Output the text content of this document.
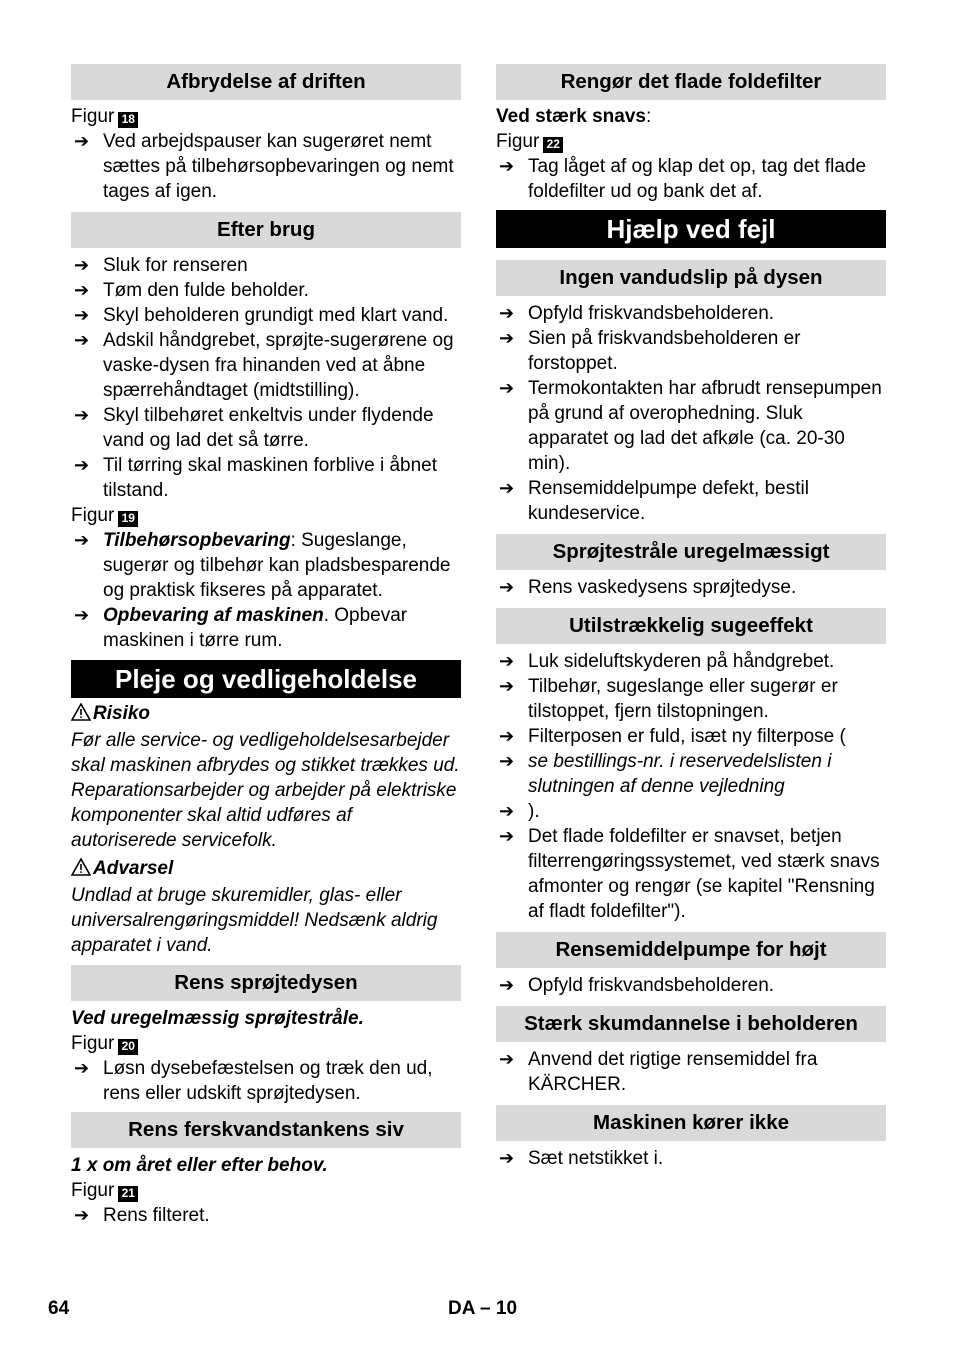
Afbrydelse af driften
Figur 18
➔ Ved arbejdspauser kan sugerøret nemt sættes på tilbehørsopbevaringen og nemt tages af igen.
Efter brug
➔ Sluk for renseren
➔ Tøm den fulde beholder.
➔ Skyl beholderen grundigt med klart vand.
➔ Adskil håndgrebet, sprøjte-sugerørene og vaske-dysen fra hinanden ved at åbne spærrehåndtaget (midtstilling).
➔ Skyl tilbehøret enkeltvis under flydende vand og lad det så tørre.
➔ Til tørring skal maskinen forblive i åbnet tilstand.
Figur 19
➔ Tilbehørsopbevaring: Sugeslange, sugerør og tilbehør kan pladsbesparende og praktisk fikseres på apparatet.
➔ Opbevaring af maskinen. Opbevar maskinen i tørre rum.
Pleje og vedligeholdelse
Risiko
Før alle service- og vedligeholdelsesarbejder skal maskinen afbrydes og stikket trækkes ud.
Reparationsarbejder og arbejder på elektriske komponenter skal altid udføres af autoriserede servicefolk.
Advarsel
Undlad at bruge skuremidler, glas- eller universalrengøringsmiddel! Nedsænk aldrig apparatet i vand.
Rens sprøjtedysen
Ved uregelmæssig sprøjtestråle.
Figur 20
➔ Løsn dysebefæstelsen og træk den ud, rens eller udskift sprøjtedysen.
Rens ferskvandstankens siv
1 x om året eller efter behov.
Figur 21
➔ Rens filteret.
Rengør det flade foldefilter
Ved stærk snavs:
Figur 22
➔ Tag låget af og klap det op, tag det flade foldefilter ud og bank det af.
Hjælp ved fejl
Ingen vandudslip på dysen
➔ Opfyld friskvandsbeholderen.
➔ Sien på friskvandsbeholderen er forstoppet.
➔ Termokontakten har afbrudt rensepumpen på grund af overophedning. Sluk apparatet og lad det afkøle (ca. 20-30 min).
➔ Rensemiddelpumpe defekt, bestil kundeservice.
Sprøjtestråle uregelmæssigt
➔ Rens vaskedysens sprøjtedyse.
Utilstrækkelig sugeeffekt
➔ Luk sideluftskyderen på håndgrebet.
➔ Tilbehør, sugeslange eller sugerør er tilstoppet, fjern tilstopningen.
➔ Filterposen er fuld, isæt ny filterpose (
➔ se bestillings-nr. i reservedelslisten i slutningen af denne vejledning
➔ ).
➔ Det flade foldefilter er snavset, betjen filterrengøringssystemet, ved stærk snavs afmonter og rengør (se kapitel "Rensning af fladt foldefilter").
Rensemiddelpumpe for højt
➔ Opfyld friskvandsbeholderen.
Stærk skumdannelse i beholderen
➔ Anvend det rigtige rensemiddel fra KÄRCHER.
Maskinen kører ikke
➔ Sæt netstikket i.
64	DA – 10
